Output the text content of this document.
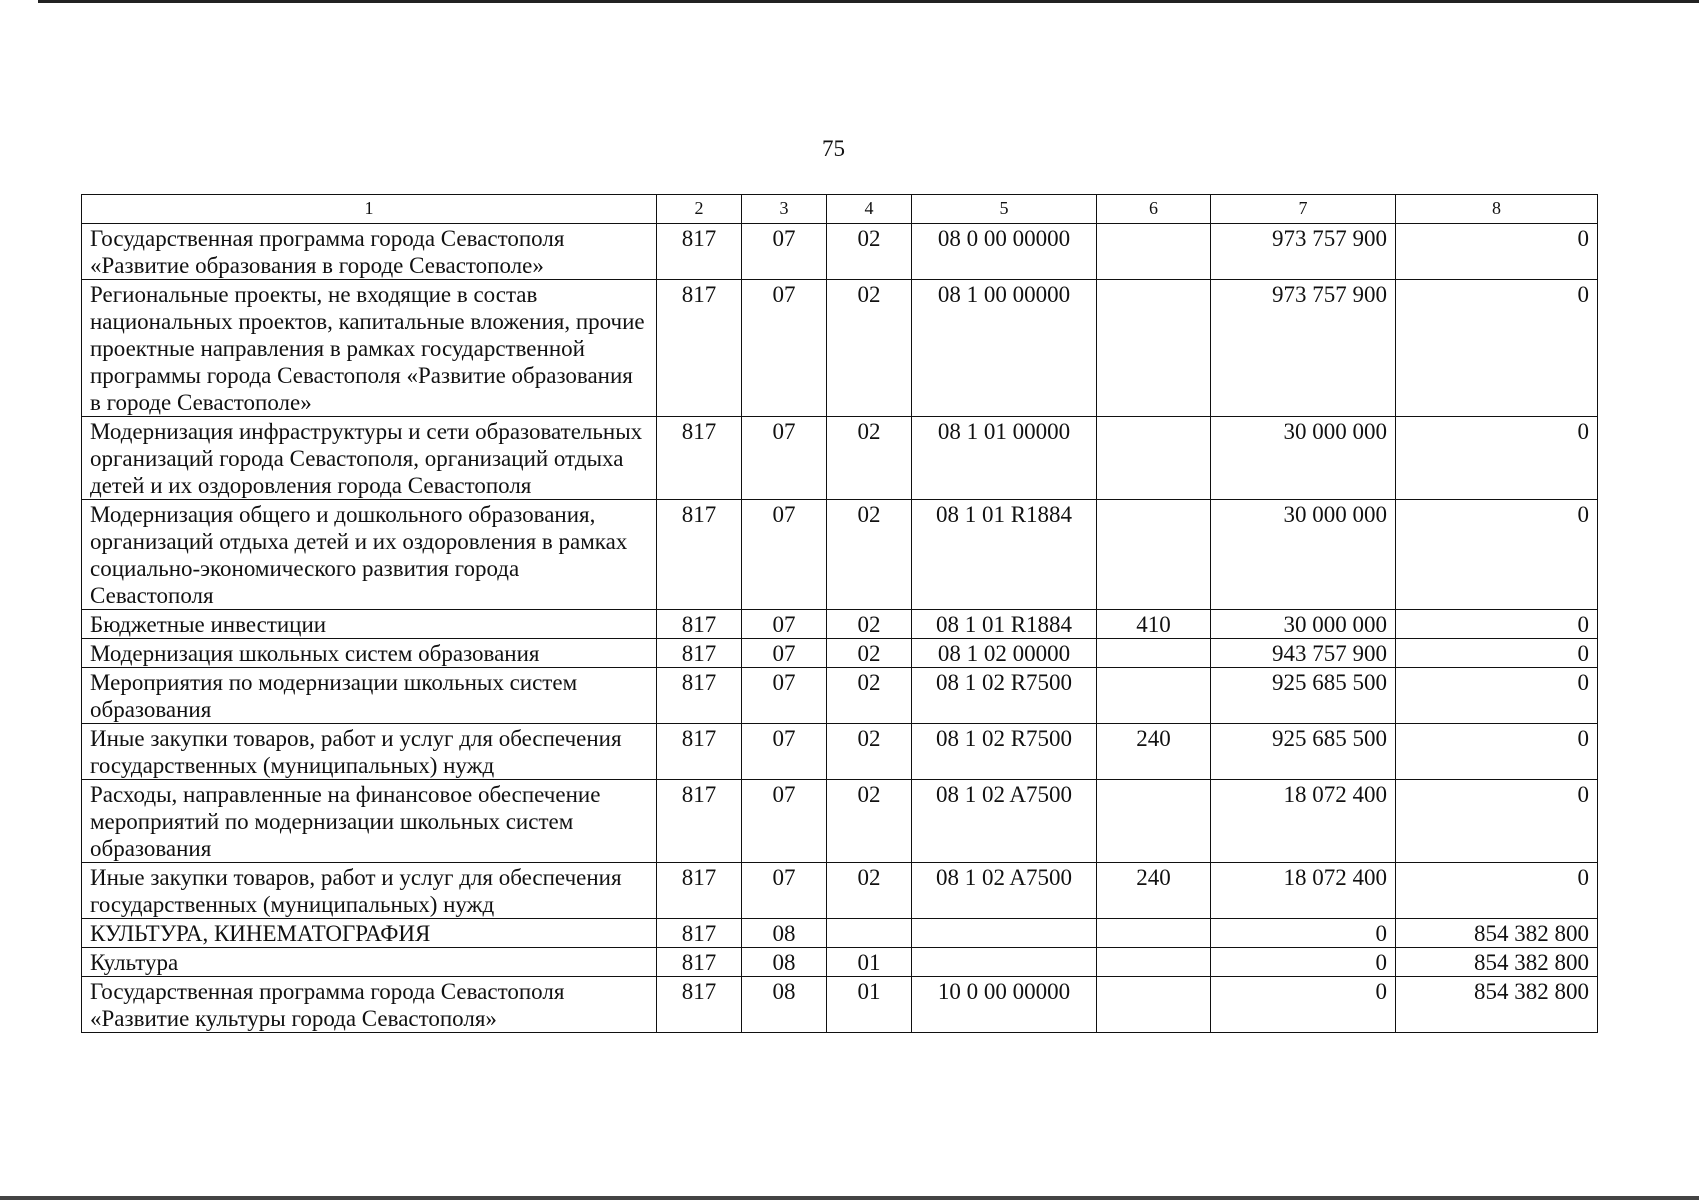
75
1	2	3	4	5	6	7	8
Государственная программа города Севастополя «Развитие образования в городе Севастополе»	817	07	02	08 0 00 00000		973 757 900	0
Региональные проекты, не входящие в состав национальных проектов, капитальные вложения, прочие проектные направления в рамках государственной программы города Севастополя «Развитие образования в городе Севастополе»	817	07	02	08 1 00 00000		973 757 900	0
Модернизация инфраструктуры и сети образовательных организаций города Севастополя, организаций отдыха детей и их оздоровления города Севастополя	817	07	02	08 1 01 00000		30 000 000	0
Модернизация общего и дошкольного образования, организаций отдыха детей и их оздоровления в рамках социально-экономического развития города Севастополя	817	07	02	08 1 01 R1884		30 000 000	0
Бюджетные инвестиции	817	07	02	08 1 01 R1884	410	30 000 000	0
Модернизация школьных систем образования	817	07	02	08 1 02 00000		943 757 900	0
Мероприятия по модернизации школьных систем образования	817	07	02	08 1 02 R7500		925 685 500	0
Иные закупки товаров, работ и услуг для обеспечения государственных (муниципальных) нужд	817	07	02	08 1 02 R7500	240	925 685 500	0
Расходы, направленные на финансовое обеспечение мероприятий по модернизации школьных систем образования	817	07	02	08 1 02 A7500		18 072 400	0
Иные закупки товаров, работ и услуг для обеспечения государственных (муниципальных) нужд	817	07	02	08 1 02 A7500	240	18 072 400	0
КУЛЬТУРА, КИНЕМАТОГРАФИЯ	817	08				0	854 382 800
Культура	817	08	01			0	854 382 800
Государственная программа города Севастополя «Развитие культуры города Севастополя»	817	08	01	10 0 00 00000		0	854 382 800
